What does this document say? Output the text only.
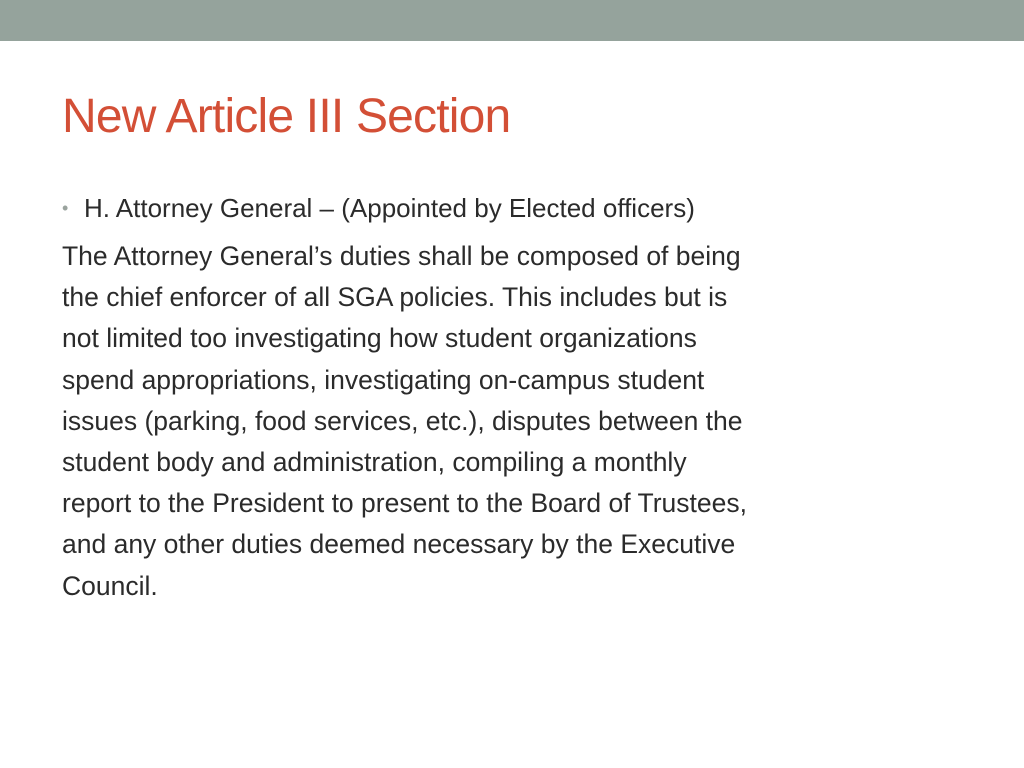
New Article III Section
• H. Attorney General – (Appointed by Elected officers)

The Attorney General’s duties shall be composed of being
the chief enforcer of all SGA policies. This includes but is
not limited too investigating how student organizations
spend appropriations, investigating on-campus student
issues (parking, food services, etc.), disputes between the
student body and administration, compiling a monthly
report to the President to present to the Board of Trustees,
and any other duties deemed necessary by the Executive
Council.
